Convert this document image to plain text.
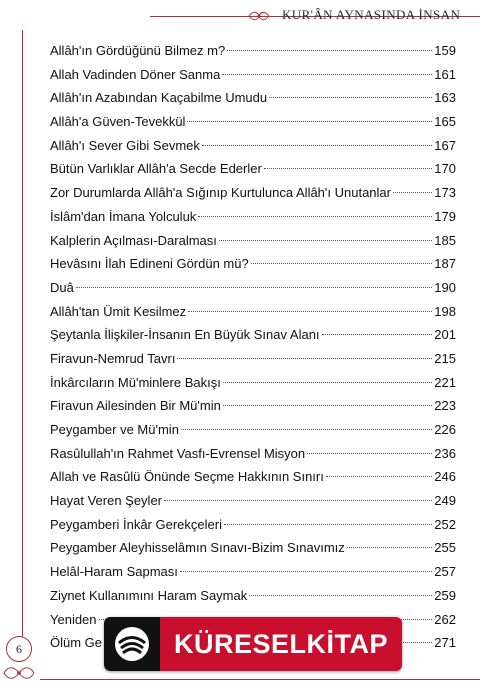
KUR'ÂN AYNASINDA İNSAN
Allâh'ın Gördüğünü Bilmez m?	159
Allah Vadinden Döner Sanma	161
Allâh'ın Azabından Kaçabilme Umudu	163
Allâh'a Güven-Tevekkül	165
Allâh'ı Sever Gibi Sevmek	167
Bütün Varlıklar Allâh'a Secde Ederler	170
Zor Durumlarda Allâh'a Sığınıp Kurtulunca Allâh'ı Unutanlar	173
İslâm'dan İmana Yolculuk	179
Kalplerin Açılması-Daralması	185
Hevâsını İlah Edineni Gördün mü?	187
Duâ	190
Allâh'tan Ümit Kesilmez	198
Şeytanla İlişkiler-İnsanın En Büyük Sınav Alanı	201
Firavun-Nemrud Tavrı	215
İnkârcıların Mü'minlere Bakışı	221
Firavun Ailesinden Bir Mü'min	223
Peygamber ve Mü'min	226
Rasûlullah'ın Rahmet Vasfı-Evrensel Misyon	236
Allah ve Rasûlü Önünde Seçme Hakkının Sınırı	246
Hayat Veren Şeyler	249
Peygamberi İnkâr Gerekçeleri	252
Peygamber Aleyhisselâmın Sınavı-Bizim Sınavımız	255
Helâl-Haram Sapması	257
Ziynet Kullanımını Haram Saymak	259
Yeniden	262
Ölüm Ge	271
6	KÜRESELKİTAP
